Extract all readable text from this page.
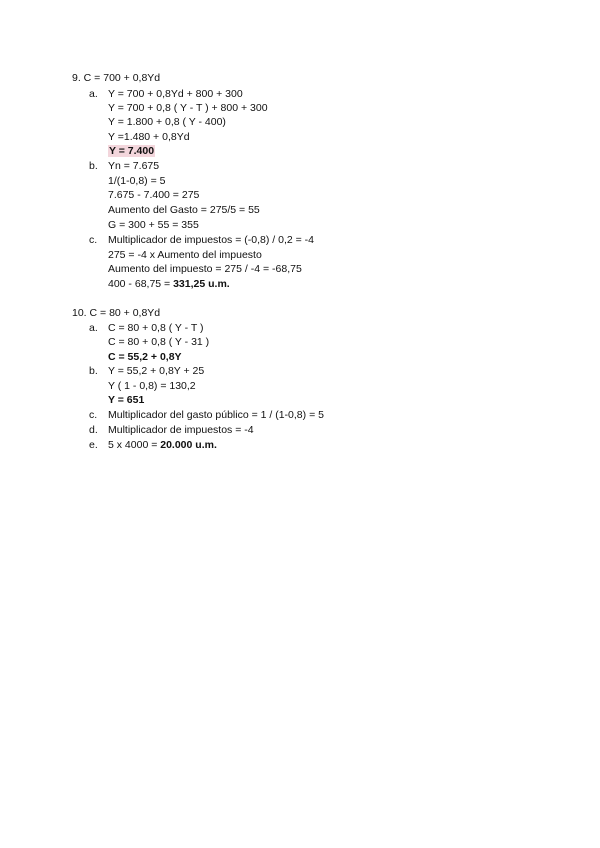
9. C = 700 + 0,8Yd
a. Y = 700 + 0,8Yd + 800 + 300
Y = 700 + 0,8 ( Y - T ) + 800 + 300
Y = 1.800 + 0,8 ( Y - 400)
Y =1.480 + 0,8Yd
Y = 7.400
b. Yn = 7.675
1/(1-0,8) = 5
7.675 - 7.400 = 275
Aumento del Gasto = 275/5 = 55
G = 300 + 55 = 355
c. Multiplicador de impuestos = (-0,8) / 0,2 = -4
275 = -4 x Aumento del impuesto
Aumento del impuesto = 275 / -4 = -68,75
400 - 68,75 = 331,25 u.m.
10. C = 80 + 0,8Yd
a. C = 80 + 0,8 ( Y - T )
C = 80 + 0,8 ( Y - 31 )
C = 55,2 + 0,8Y
b. Y = 55,2 + 0,8Y + 25
Y ( 1 - 0,8) = 130,2
Y = 651
c. Multiplicador del gasto público = 1 / (1-0,8) = 5
d. Multiplicador de impuestos = -4
e. 5 x 4000 = 20.000 u.m.
